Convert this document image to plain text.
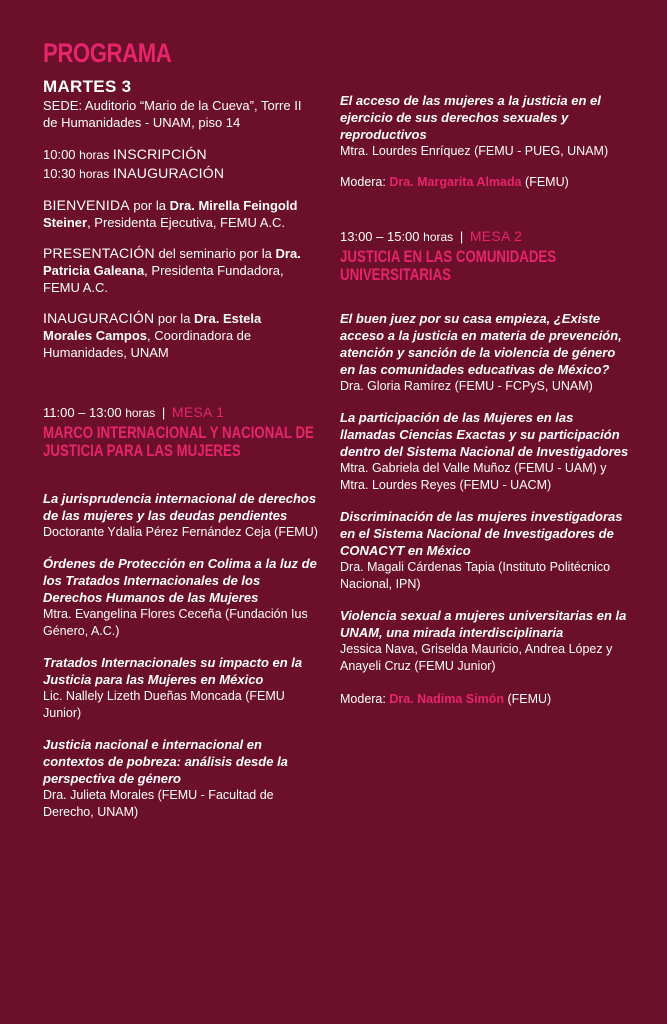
PROGRAMA
MARTES 3

SEDE: Auditorio “Mario de la Cueva”, Torre II de Humanidades - UNAM, piso 14

10:00 horas INSCRIPCIÓN

10:30 horas INAUGURACIÓN

BIENVENIDA por la Dra. Mirella Feingold Steiner, Presidenta Ejecutiva, FEMU A.C.

PRESENTACIÓN del seminario por la Dra. Patricia Galeana, Presidenta Fundadora, FEMU A.C.

INAUGURACIÓN por la Dra. Estela Morales Campos, Coordinadora de Humanidades, UNAM

11:00 – 13:00 horas | MESA 1

MARCO INTERNACIONAL Y NACIONAL DE JUSTICIA PARA LAS MUJERES

La jurisprudencia internacional de derechos de las mujeres y las deudas pendientes

Doctorante Ydalia Pérez Fernández Ceja (FEMU)

Órdenes de Protección en Colima a la luz de los Tratados Internacionales de los Derechos Humanos de las Mujeres

Mtra. Evangelina Flores Ceceña (Fundación Ius Género, A.C.)

Tratados Internacionales su impacto en la Justicia para las Mujeres en México

Lic. Nallely Lizeth Dueñas Moncada (FEMU Junior)

Justicia nacional e internacional en contextos de pobreza: análisis desde la perspectiva de género

Dra. Julieta Morales (FEMU - Facultad de Derecho, UNAM)

El acceso de las mujeres a la justicia en el ejercicio de sus derechos sexuales y reproductivos

Mtra. Lourdes Enríquez (FEMU - PUEG, UNAM)

Modera: Dra. Margarita Almada (FEMU)

13:00 – 15:00 horas | MESA 2

JUSTICIA EN LAS COMUNIDADES UNIVERSITARIAS

El buen juez por su casa empieza, ¿Existe acceso a la justicia en materia de prevención, atención y sanción de la violencia de género en las comunidades educativas de México?

Dra. Gloria Ramírez (FEMU - FCPyS, UNAM)

La participación de las Mujeres en las llamadas Ciencias Exactas y su participación dentro del Sistema Nacional de Investigadores

Mtra. Gabriela del Valle Muñoz (FEMU - UAM) y Mtra. Lourdes Reyes (FEMU - UACM)

Discriminación de las mujeres investigadoras en el Sistema Nacional de Investigadores de CONACYT en México

Dra. Magali Cárdenas Tapia (Instituto Politécnico Nacional, IPN)

Violencia sexual a mujeres universitarias en la UNAM, una mirada interdisciplinaria

Jessica Nava, Griselda Mauricio, Andrea López y Anayeli Cruz (FEMU Junior)

Modera: Dra. Nadima Simón (FEMU)
